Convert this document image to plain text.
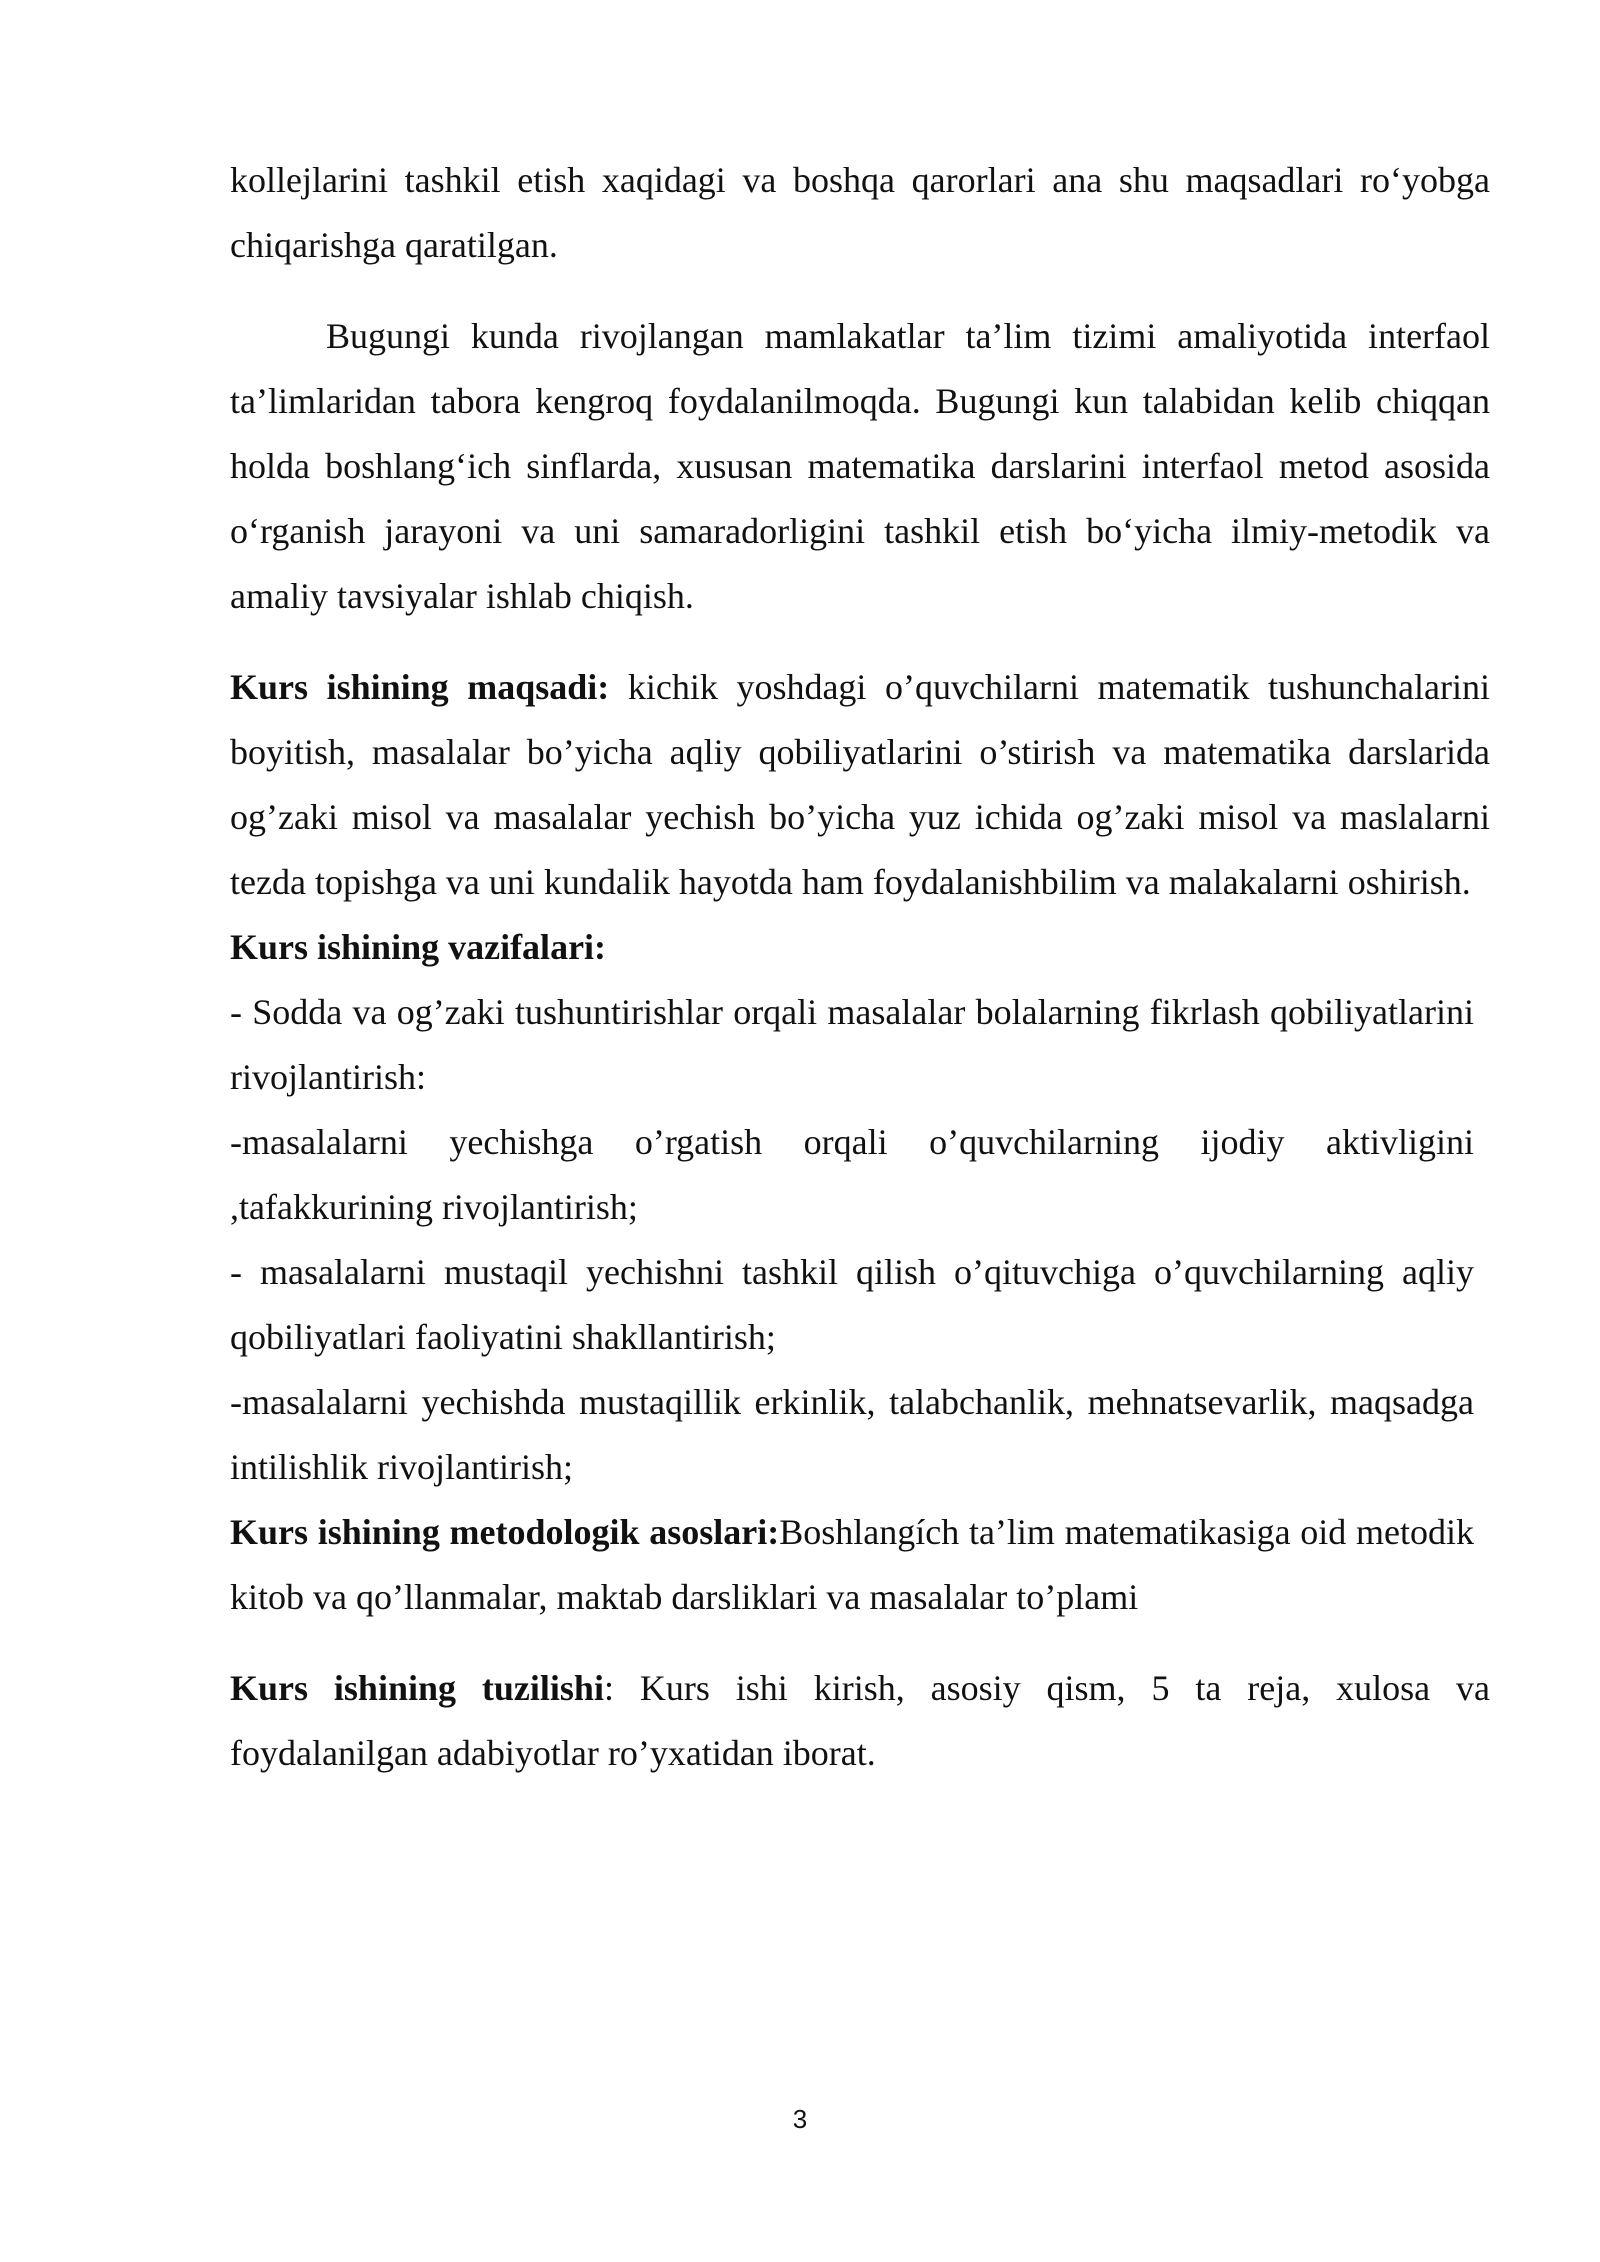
kollejlarini tashkil etish xaqidagi va boshqa qarorlari ana shu maqsadlari ro‘yobga chiqarishga qaratilgan.

Bugungi kunda rivojlangan mamlakatlar ta’lim tizimi amaliyotida interfaol ta’limlaridan tabora kengroq foydalanilmoqda. Bugungi kun talabidan kelib chiqqan holda boshlang‘ich sinflarda, xususan matematika darslarini interfaol metod asosida o‘rganish jarayoni va uni samaradorligini tashkil etish bo‘yicha ilmiy-metodik va amaliy tavsiyalar ishlab chiqish.

Kurs ishining maqsadi: kichik yoshdagi o’quvchilarni matematik tushunchalarini boyitish, masalalar bo’yicha aqliy qobiliyatlarini o’stirish va matematika darslarida og’zaki misol va masalalar yechish bo’yicha yuz ichida og’zaki misol va maslalarni tezda topishga va uni kundalik hayotda ham foydalanishbilim va malakalarni oshirish.

Kurs ishining vazifalari:

- Sodda va og’zaki tushuntirishlar orqali masalalar bolalarning fikrlash qobiliyatlarini rivojlantirish:

-masalalarni yechishga o’rgatish orqali o’quvchilarning ijodiy aktivligini ,tafakkurining rivojlantirish;

- masalalarni mustaqil yechishni tashkil qilish o’qituvchiga o’quvchilarning aqliy qobiliyatlari faoliyatini shakllantirish;

-masalalarni yechishda mustaqillik erkinlik, talabchanlik, mehnatsevarlik, maqsadga intilishlik rivojlantirish;

Kurs ishining metodologik asoslari:Boshlangích ta’lim matematikasiga oid metodik kitob va qo’llanmalar, maktab darsliklari va masalalar to’plami

Kurs ishining tuzilishi: Kurs ishi kirish, asosiy qism, 5 ta reja, xulosa va foydalanilgan adabiyotlar ro’yxatidan iborat.

3
